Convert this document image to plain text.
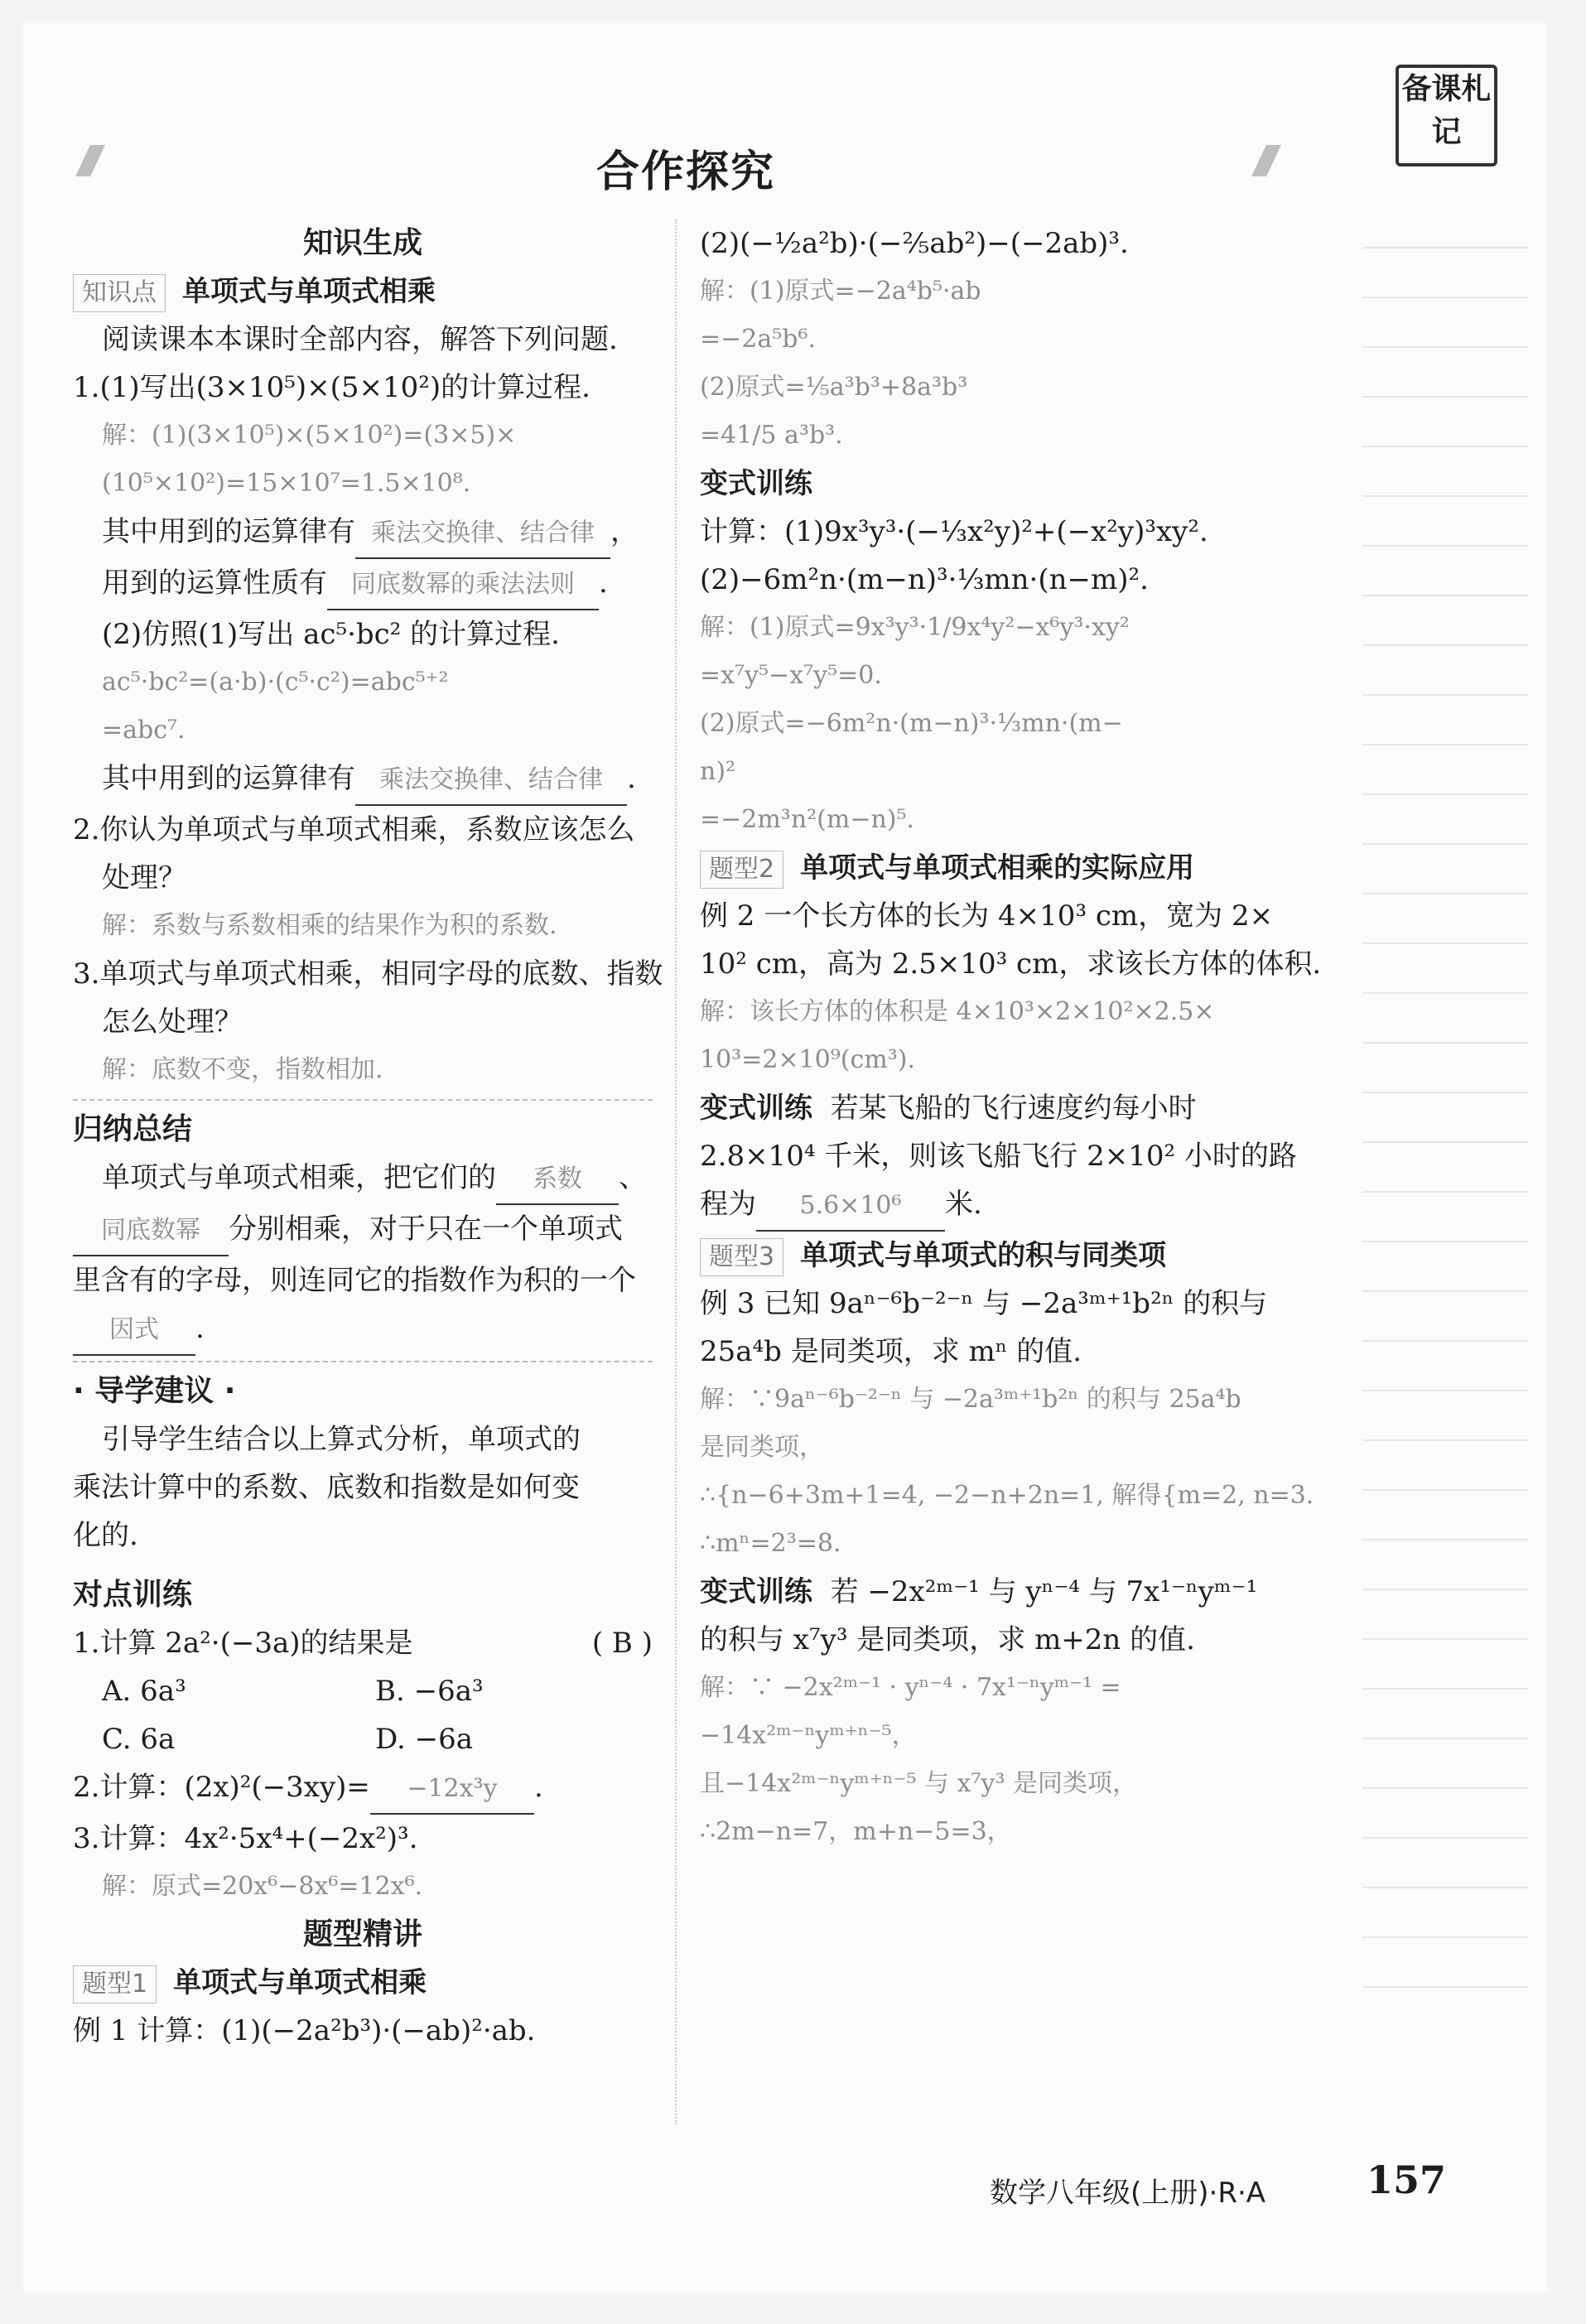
合作探究
备课札记
知识生成
知识点 单项式与单项式相乘
阅读课本本课时全部内容，解答下列问题.
1.(1)写出(3×10⁵)×(5×10²)的计算过程.
解：(1)(3×10⁵)×(5×10²)=(3×5)×
(10⁵×10²)=15×10⁷=1.5×10⁸.
其中用到的运算律有 乘法交换律、结合律 ，
用到的运算性质有 同底数幂的乘法法则 .
(2)仿照(1)写出 ac⁵·bc² 的计算过程.
ac⁵·bc²=(a·b)·(c⁵·c²)=abc⁵⁺²
=abc⁷.
其中用到的运算律有 乘法交换律、结合律 .
2.你认为单项式与单项式相乘，系数应该怎么
处理？
解：系数与系数相乘的结果作为积的系数.
3.单项式与单项式相乘，相同字母的底数、指数
怎么处理？
解：底数不变，指数相加.
归纳总结
单项式与单项式相乘，把它们的 系数 、
同底数幂 分别相乘，对于只在一个单项式
里含有的字母，则连同它的指数作为积的一个
因式 .
· 导学建议 ·
引导学生结合以上算式分析，单项式的
乘法计算中的系数、底数和指数是如何变
化的.
对点训练
1.计算 2a²·(−3a)的结果是	( B )
A. 6a³	B. −6a³
C. 6a	D. −6a
2.计算：(2x)²(−3xy)= −12x³y .
3.计算：4x²·5x⁴+(−2x²)³.
解：原式=20x⁶−8x⁶=12x⁶.
题型精讲
题型1 单项式与单项式相乘
例 1 计算：(1)(−2a²b³)·(−ab)²·ab.
(2)(−½a²b)·(−⅖ab²)−(−2ab)³.
解：(1)原式=−2a⁴b⁵·ab
=−2a⁵b⁶.
(2)原式=⅕a³b³+8a³b³
=41/5 a³b³.
变式训练
计算：(1)9x³y³·(−⅓x²y)²+(−x²y)³xy².
(2)−6m²n·(m−n)³·⅓mn·(n−m)².
解：(1)原式=9x³y³·1/9x⁴y²−x⁶y³·xy²
=x⁷y⁵−x⁷y⁵=0.
(2)原式=−6m²n·(m−n)³·⅓mn·(m−
n)²
=−2m³n²(m−n)⁵.
题型2 单项式与单项式相乘的实际应用
例 2 一个长方体的长为 4×10³ cm，宽为 2×
10² cm，高为 2.5×10³ cm，求该长方体的体积.
解：该长方体的体积是 4×10³×2×10²×2.5×
10³=2×10⁹(cm³).
变式训练 若某飞船的飞行速度约每小时
2.8×10⁴ 千米，则该飞船飞行 2×10² 小时的路
程为 5.6×10⁶ 米.
题型3 单项式与单项式的积与同类项
例 3 已知 9aⁿ⁻⁶b⁻²⁻ⁿ 与 −2a³ᵐ⁺¹b²ⁿ 的积与
25a⁴b 是同类项，求 mⁿ 的值.
解：∵9aⁿ⁻⁶b⁻²⁻ⁿ 与 −2a³ᵐ⁺¹b²ⁿ 的积与 25a⁴b
是同类项，
∴{n−6+3m+1=4, −2−n+2n=1, 解得{m=2, n=3.
∴mⁿ=2³=8.
变式训练 若 −2x²ᵐ⁻¹ 与 yⁿ⁻⁴ 与 7x¹⁻ⁿyᵐ⁻¹
的积与 x⁷y³ 是同类项，求 m+2n 的值.
解：∵ −2x²ᵐ⁻¹ · yⁿ⁻⁴ · 7x¹⁻ⁿyᵐ⁻¹ =
−14x²ᵐ⁻ⁿyᵐ⁺ⁿ⁻⁵，
且−14x²ᵐ⁻ⁿyᵐ⁺ⁿ⁻⁵ 与 x⁷y³ 是同类项，
∴2m−n=7，m+n−5=3，
数学八年级(上册)·R·A	157
